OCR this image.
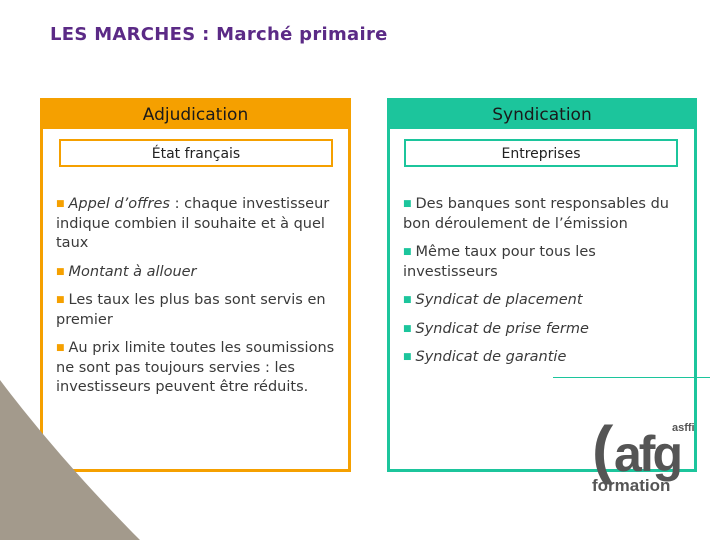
LES MARCHES : Marché primaire
Adjudication
État français
■ Appel d’offres : chaque investisseur indique combien il souhaite et à quel taux
■ Montant à allouer
■ Les taux les plus bas sont servis en premier
■ Au prix limite toutes les soumissions ne sont pas toujours servies : les investisseurs peuvent être réduits.
Syndication
Entreprises
■ Des banques sont responsables du bon déroulement de l’émission
■ Même taux pour tous les investisseurs
■ Syndicat de placement
■ Syndicat de prise ferme
■ Syndicat de garantie
( afg
asffi
formation
